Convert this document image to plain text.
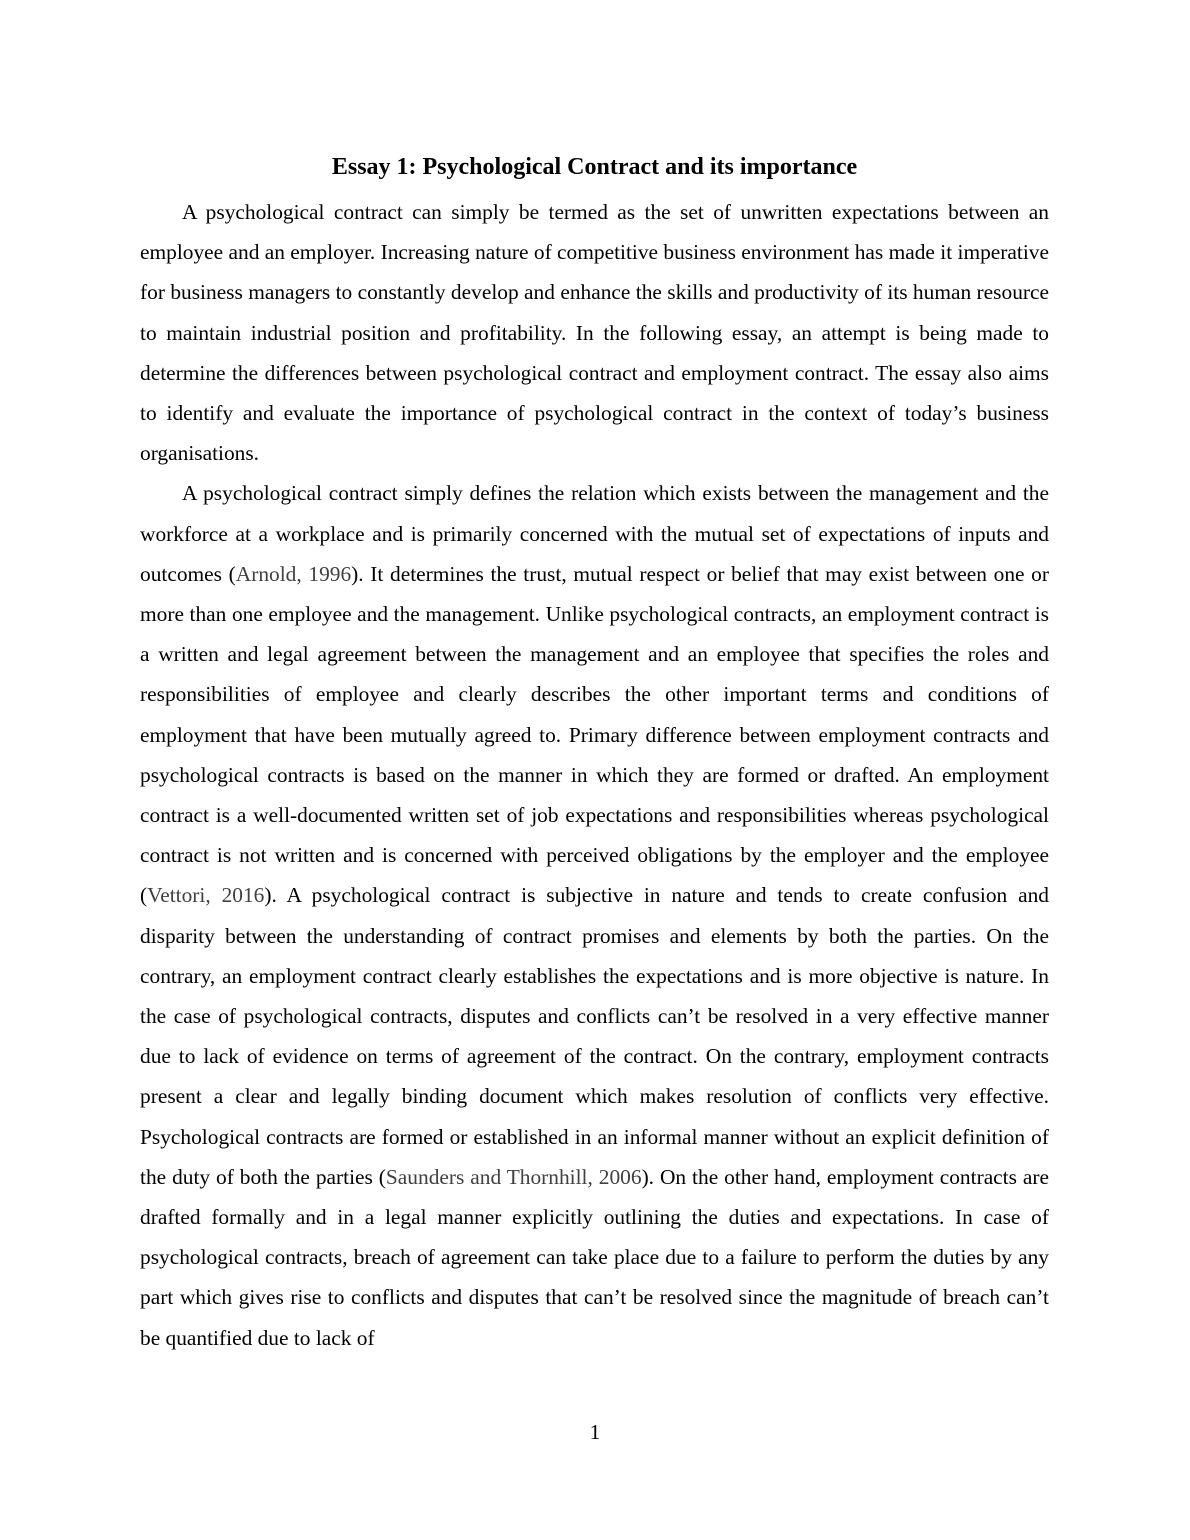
Essay 1: Psychological Contract and its importance

A psychological contract can simply be termed as the set of unwritten expectations between an employee and an employer. Increasing nature of competitive business environment has made it imperative for business managers to constantly develop and enhance the skills and productivity of its human resource to maintain industrial position and profitability. In the following essay, an attempt is being made to determine the differences between psychological contract and employment contract. The essay also aims to identify and evaluate the importance of psychological contract in the context of today’s business organisations.

A psychological contract simply defines the relation which exists between the management and the workforce at a workplace and is primarily concerned with the mutual set of expectations of inputs and outcomes (Arnold, 1996). It determines the trust, mutual respect or belief that may exist between one or more than one employee and the management. Unlike psychological contracts, an employment contract is a written and legal agreement between the management and an employee that specifies the roles and responsibilities of employee and clearly describes the other important terms and conditions of employment that have been mutually agreed to. Primary difference between employment contracts and psychological contracts is based on the manner in which they are formed or drafted. An employment contract is a well-documented written set of job expectations and responsibilities whereas psychological contract is not written and is concerned with perceived obligations by the employer and the employee (Vettori, 2016). A psychological contract is subjective in nature and tends to create confusion and disparity between the understanding of contract promises and elements by both the parties. On the contrary, an employment contract clearly establishes the expectations and is more objective is nature. In the case of psychological contracts, disputes and conflicts can’t be resolved in a very effective manner due to lack of evidence on terms of agreement of the contract. On the contrary, employment contracts present a clear and legally binding document which makes resolution of conflicts very effective. Psychological contracts are formed or established in an informal manner without an explicit definition of the duty of both the parties (Saunders and Thornhill, 2006). On the other hand, employment contracts are drafted formally and in a legal manner explicitly outlining the duties and expectations. In case of psychological contracts, breach of agreement can take place due to a failure to perform the duties by any part which gives rise to conflicts and disputes that can’t be resolved since the magnitude of breach can’t be quantified due to lack of

1
